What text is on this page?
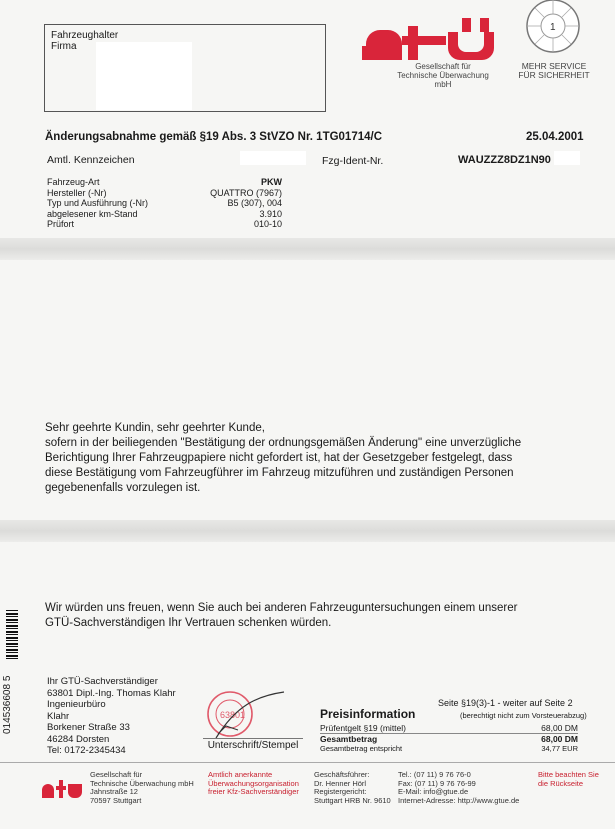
Fahrzeughalter
Firma
Gesellschaft für
Technische Überwachung mbH
1
MEHR SERVICE
FÜR SICHERHEIT
Änderungsabnahme gemäß §19 Abs. 3 StVZO Nr. 1TG01714/C	25.04.2001
Amtl. Kennzeichen	Fzg-Ident-Nr.	WAUZZZ8DZ1N90
Fahrzeug-Art	PKW
Hersteller (-Nr)	QUATTRO (7967)
Typ und Ausführung (-Nr)	B5 (307), 004
abgelesener km-Stand	3.910
Prüfort	010-10
Sehr geehrte Kundin, sehr geehrter Kunde,
sofern in der beiliegenden "Bestätigung der ordnungsgemäßen Änderung" eine unverzügliche
Berichtigung Ihrer Fahrzeugpapiere nicht gefordert ist, hat der Gesetzgeber festgelegt, dass
diese Bestätigung vom Fahrzeugführer im Fahrzeug mitzuführen und zuständigen Personen
gegebenenfalls vorzulegen ist.
Wir würden uns freuen, wenn Sie auch bei anderen Fahrzeuguntersuchungen einem unserer
GTÜ-Sachverständigen Ihr Vertrauen schenken würden.
014536608 5	Ihr GTÜ-Sachverständiger
63801 Dipl.-Ing. Thomas Klahr
Ingenieurbüro
Klahr
Borkener Straße 33
46284 Dorsten
Tel: 0172-2345434
63801
Unterschrift/Stempel
Seite §19(3)-1 - weiter auf Seite 2
Preisinformation	(berechtigt nicht zum Vorsteuerabzug)
Prüfentgelt §19 (mittel)	68,00 DM
Gesamtbetrag	68,00 DM
Gesamtbetrag entspricht	34,77 EUR
Gesellschaft für
Technische Überwachung mbH
Jahnstraße 12
70597 Stuttgart
Amtlich anerkannte
Überwachungsorganisation
freier Kfz-Sachverständiger
Geschäftsführer:
Dr. Henner Hörl
Registergericht:
Stuttgart HRB Nr. 9610
Tel.: (07 11) 9 76 76-0
Fax: (07 11) 9 76 76-99
E-Mail: info@gtue.de
Internet-Adresse: http://www.gtue.de
Bitte beachten Sie
die Rückseite
